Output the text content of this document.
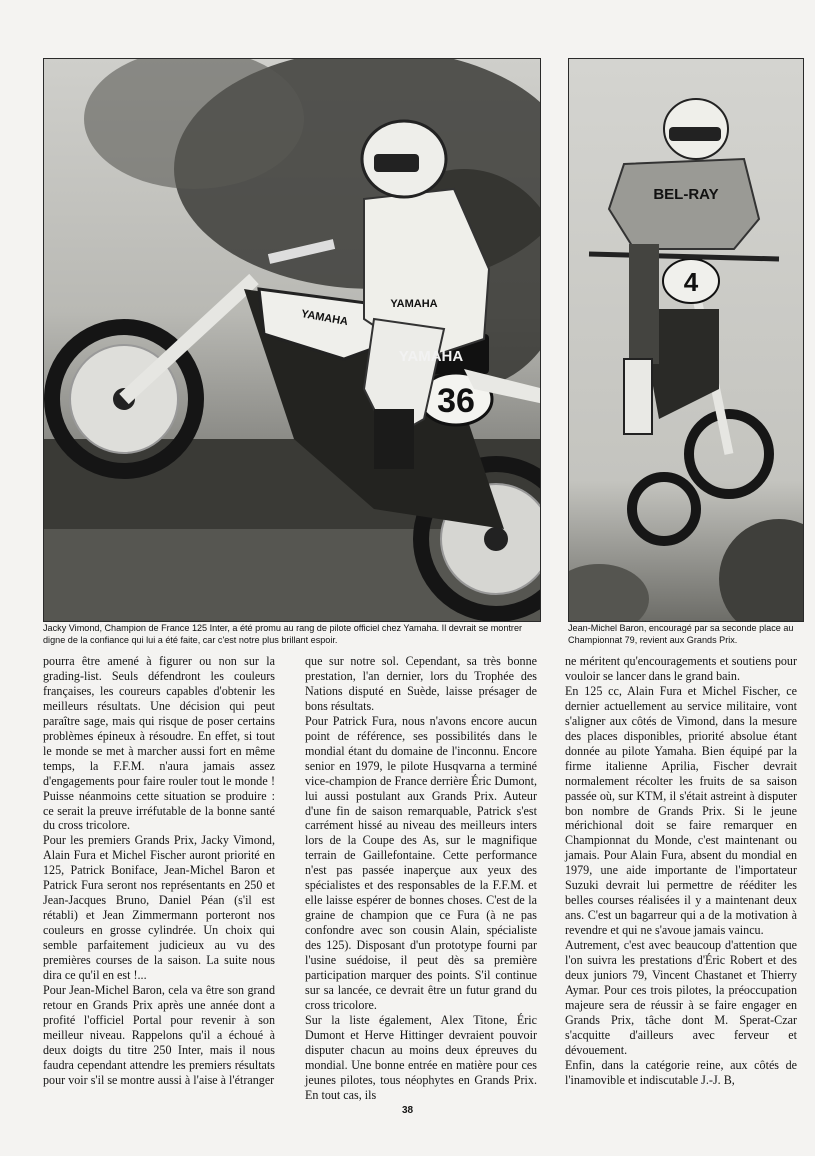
36
YAMAHA
YAMAHA
YAMAHA
BEL-RAY
4
Jacky Vimond, Champion de France 125 Inter, a été promu au rang de pilote officiel chez Yamaha. Il devrait se montrer digne de la confiance qui lui a été faite, car c'est notre plus brillant espoir.
Jean-Michel Baron, encouragé par sa seconde place au Championnat 79, revient aux Grands Prix.

pourra être amené à figurer ou non sur la grading-list. Seuls défendront les couleurs françaises, les coureurs capables d'obtenir les meilleurs résultats. Une décision qui peut paraître sage, mais qui risque de poser certains problèmes épineux à résoudre. En effet, si tout le monde se met à marcher aussi fort en même temps, la F.F.M. n'aura jamais assez d'engagements pour faire rouler tout le monde ! Puisse néanmoins cette situation se produire : ce serait la preuve irréfutable de la bonne santé du cross tricolore.

Pour les premiers Grands Prix, Jacky Vimond, Alain Fura et Michel Fischer auront priorité en 125, Patrick Boniface, Jean-Michel Baron et Patrick Fura seront nos représentants en 250 et Jean-Jacques Bruno, Daniel Péan (s'il est rétabli) et Jean Zimmermann porteront nos couleurs en grosse cylindrée. Un choix qui semble parfaitement judicieux au vu des premières courses de la saison. La suite nous dira ce qu'il en est !...

Pour Jean-Michel Baron, cela va être son grand retour en Grands Prix après une année dont a profité l'officiel Portal pour revenir à son meilleur niveau. Rappelons qu'il a échoué à deux doigts du titre 250 Inter, mais il nous faudra cependant attendre les premiers résultats pour voir s'il se montre aussi à l'aise à l'étranger

que sur notre sol. Cependant, sa très bonne prestation, l'an dernier, lors du Trophée des Nations disputé en Suède, laisse présager de bons résultats.

Pour Patrick Fura, nous n'avons encore aucun point de référence, ses possibilités dans le mondial étant du domaine de l'inconnu. Encore senior en 1979, le pilote Husqvarna a terminé vice-champion de France derrière Éric Dumont, lui aussi postulant aux Grands Prix. Auteur d'une fin de saison remarquable, Patrick s'est carrément hissé au niveau des meilleurs inters lors de la Coupe des As, sur le magnifique terrain de Gaillefontaine. Cette performance n'est pas passée inaperçue aux yeux des spécialistes et des responsables de la F.F.M. et elle laisse espérer de bonnes choses. C'est de la graine de champion que ce Fura (à ne pas confondre avec son cousin Alain, spécialiste des 125). Disposant d'un prototype fourni par l'usine suédoise, il peut dès sa première participation marquer des points. S'il continue sur sa lancée, ce devrait être un futur grand du cross tricolore.

Sur la liste également, Alex Titone, Éric Dumont et Herve Hittinger devraient pouvoir disputer chacun au moins deux épreuves du mondial. Une bonne entrée en matière pour ces jeunes pilotes, tous néophytes en Grands Prix. En tout cas, ils

ne méritent qu'encouragements et soutiens pour vouloir se lancer dans le grand bain.

En 125 cc, Alain Fura et Michel Fischer, ce dernier actuellement au service militaire, vont s'aligner aux côtés de Vimond, dans la mesure des places disponibles, priorité absolue étant donnée au pilote Yamaha. Bien équipé par la firme italienne Aprilia, Fischer devrait normalement récolter les fruits de sa saison passée où, sur KTM, il s'était astreint à disputer bon nombre de Grands Prix. Si le jeune mérichional doit se faire remarquer en Championnat du Monde, c'est maintenant ou jamais. Pour Alain Fura, absent du mondial en 1979, une aide importante de l'importateur Suzuki devrait lui permettre de rééditer les belles courses réalisées il y a maintenant deux ans. C'est un bagarreur qui a de la motivation à revendre et qui ne s'avoue jamais vaincu.

Autrement, c'est avec beaucoup d'attention que l'on suivra les prestations d'Éric Robert et des deux juniors 79, Vincent Chastanet et Thierry Aymar. Pour ces trois pilotes, la préoccupation majeure sera de réussir à se faire engager en Grands Prix, tâche dont M. Sperat-Czar s'acquitte d'ailleurs avec ferveur et dévouement.

Enfin, dans la catégorie reine, aux côtés de l'inamovible et indiscutable J.-J. B,

38
